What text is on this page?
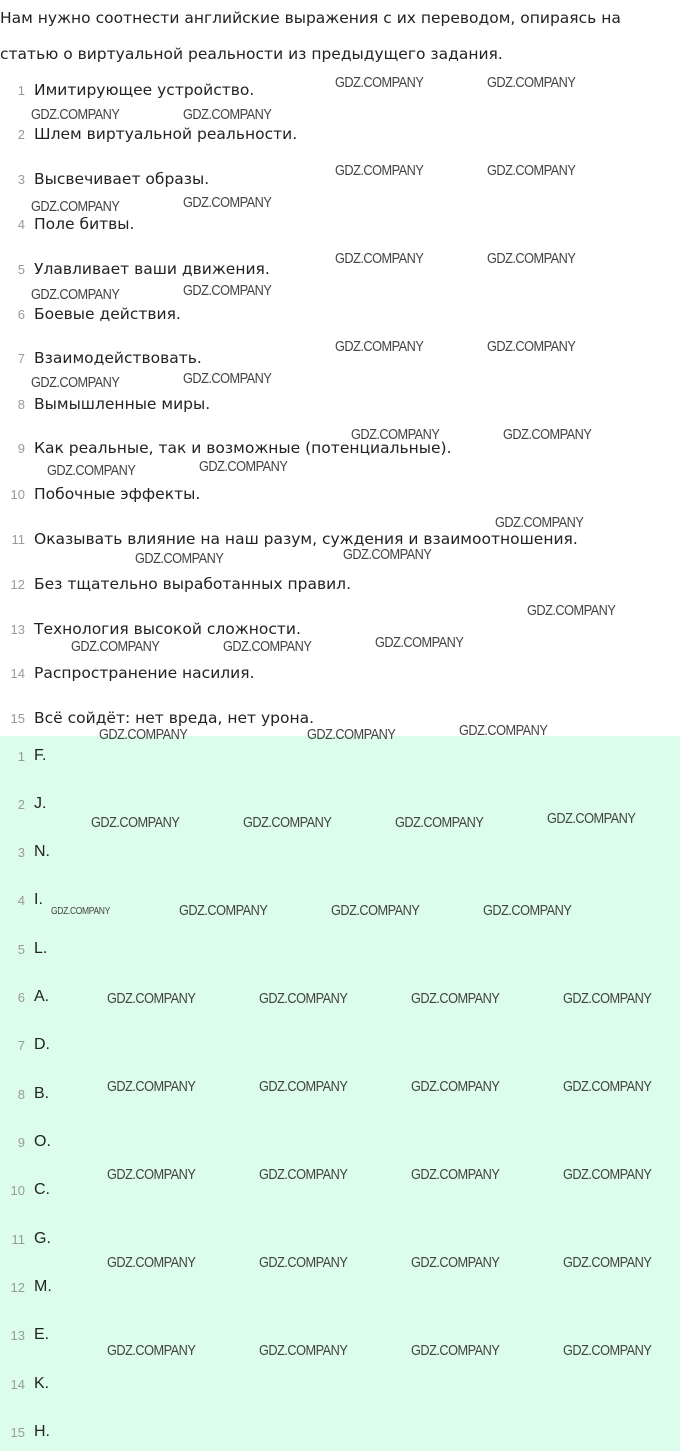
Нам нужно соотнести английские выражения с их переводом, опираясь на

статью о виртуальной реальности из предыдущего задания.

1 Имитирующее устройство.
2 Шлем виртуальной реальности.
3 Высвечивает образы.
4 Поле битвы.
5 Улавливает ваши движения.
6 Боевые действия.
7 Взаимодействовать.
8 Вымышленные миры.
9 Как реальные, так и возможные (потенциальные).
10 Побочные эффекты.
11 Оказывать влияние на наш разум, суждения и взаимоотношения.
12 Без тщательно выработанных правил.
13 Технология высокой сложности.
14 Распространение насилия.
15 Всё сойдёт: нет вреда, нет урона.
1 F.
2 J.
3 N.
4 I.
5 L.
6 A.
7 D.
8 B.
9 O.
10 C.
11 G.
12 M.
13 E.
14 K.
15 H.
GDZ.COMPANY	GDZ.COMPANY
GDZ.COMPANY	GDZ.COMPANY
GDZ.COMPANY	GDZ.COMPANY
GDZ.COMPANY	GDZ.COMPANY
GDZ.COMPANY	GDZ.COMPANY
GDZ.COMPANY	GDZ.COMPANY
GDZ.COMPANY	GDZ.COMPANY
GDZ.COMPANY	GDZ.COMPANY
GDZ.COMPANY	GDZ.COMPANY
GDZ.COMPANY	GDZ.COMPANY
GDZ.COMPANY
GDZ.COMPANY	GDZ.COMPANY
GDZ.COMPANY
GDZ.COMPANY	GDZ.COMPANY	GDZ.COMPANY
GDZ.COMPANY	GDZ.COMPANY	GDZ.COMPANY
GDZ.COMPANY	GDZ.COMPANY	GDZ.COMPANY	GDZ.COMPANY
GDZ.COMPANY	GDZ.COMPANY	GDZ.COMPANY	GDZ.COMPANY
GDZ.COMPANY	GDZ.COMPANY	GDZ.COMPANY	GDZ.COMPANY
GDZ.COMPANY	GDZ.COMPANY	GDZ.COMPANY	GDZ.COMPANY
GDZ.COMPANY	GDZ.COMPANY	GDZ.COMPANY	GDZ.COMPANY
GDZ.COMPANY	GDZ.COMPANY	GDZ.COMPANY	GDZ.COMPANY
GDZ.COMPANY	GDZ.COMPANY	GDZ.COMPANY	GDZ.COMPANY
